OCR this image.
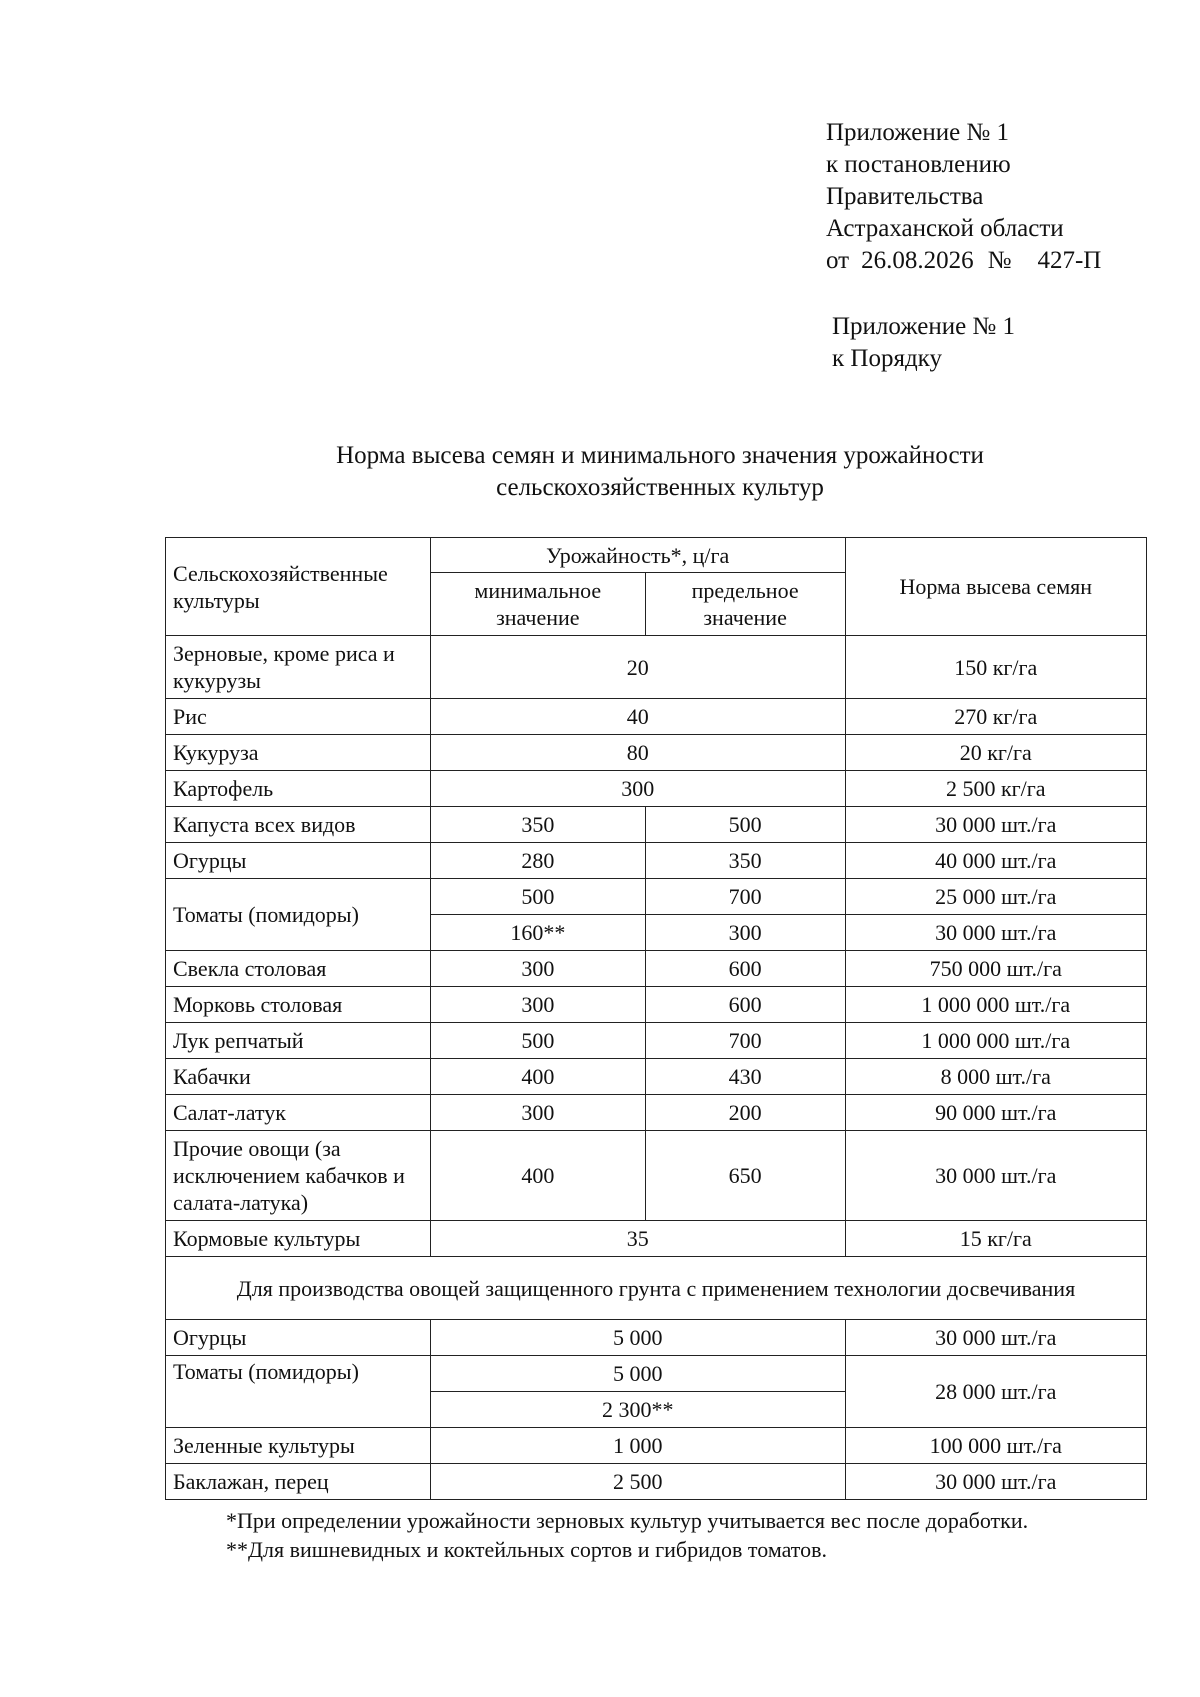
Приложение № 1
к постановлению
Правительства
Астраханской области
от 26.08.2026 № 427-П
Приложение № 1
к Порядку
Норма высева семян и минимального значения урожайности
сельскохозяйственных культур
Сельскохозяйственные культуры	Урожайность*, ц/га		Норма высева семян
	минимальное значение	предельное значение	
Зерновые, кроме риса и кукурузы	20		150 кг/га
Рис	40		270 кг/га
Кукуруза	80		20 кг/га
Картофель	300		2 500 кг/га
Капуста всех видов	350	500	30 000 шт./га
Огурцы	280	350	40 000 шт./га
Томаты (помидоры)	500	700	25 000 шт./га
	160**	300	30 000 шт./га
Свекла столовая	300	600	750 000 шт./га
Морковь столовая	300	600	1 000 000 шт./га
Лук репчатый	500	700	1 000 000 шт./га
Кабачки	400	430	8 000 шт./га
Салат-латук	300	200	90 000 шт./га
Прочие овощи (за исключением кабачков и салата-латука)	400	650	30 000 шт./га
Кормовые культуры	35		15 кг/га
Для производства овощей защищенного грунта с применением технологии досвечивания			
Огурцы	5 000		30 000 шт./га
Томаты (помидоры)	5 000		28 000 шт./га
	2 300**		
Зеленные культуры	1 000		100 000 шт./га
Баклажан, перец	2 500		30 000 шт./га
*При определении урожайности зерновых культур учитывается вес после доработки.
**Для вишневидных и коктейльных сортов и гибридов томатов.
